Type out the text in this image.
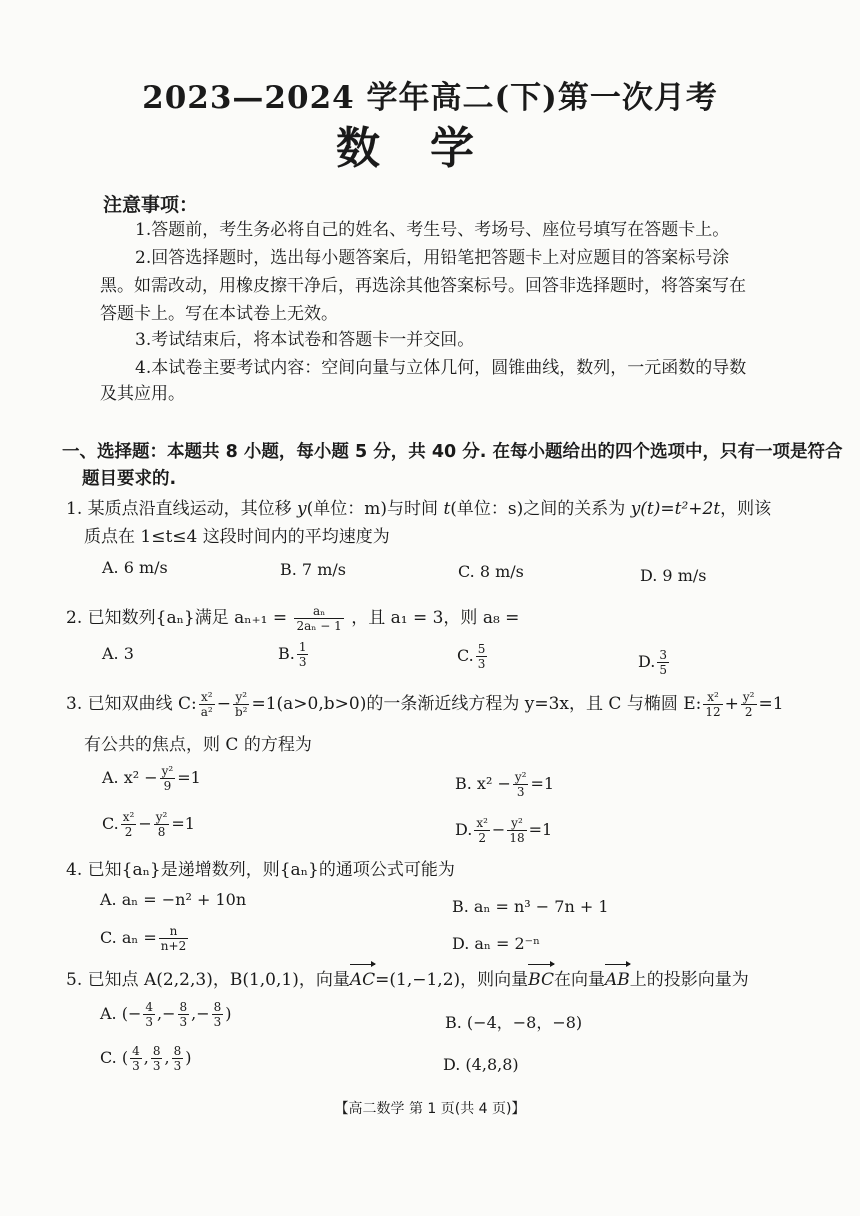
2023—2024 学年高二(下)第一次月考
数学
注意事项：
1.答题前，考生务必将自己的姓名、考生号、考场号、座位号填写在答题卡上。
2.回答选择题时，选出每小题答案后，用铅笔把答题卡上对应题目的答案标号涂
黑。如需改动，用橡皮擦干净后，再选涂其他答案标号。回答非选择题时，将答案写在
答题卡上。写在本试卷上无效。
3.考试结束后，将本试卷和答题卡一并交回。
4.本试卷主要考试内容：空间向量与立体几何，圆锥曲线，数列，一元函数的导数
及其应用。
一、选择题：本题共 8 小题，每小题 5 分，共 40 分. 在每小题给出的四个选项中，只有一项是符合
题目要求的.
1. 某质点沿直线运动，其位移 y(单位：m)与时间 t(单位：s)之间的关系为 y(t)=t²+2t，则该
质点在 1≤t≤4 这段时间内的平均速度为
A. 6 m/s	B. 7 m/s	C. 8 m/s	D. 9 m/s
2. 已知数列{aₙ}满足 $a_{n+1} = \frac{\text{aₙ}}{\text{2aₙ − 1}}$ ，且 a₁ = 3，则 a₈ =
A. 3	B. $\frac{1}{3}$	C. $\frac{5}{3}$	D. $\frac{3}{5}$
3. 已知双曲线 C: $\frac{\text{x²}}{\text{a²}} - \frac{\text{y²}}{\text{b²}} =1(a>0,b>0)$的一条渐近线方程为 y=3x，且 C 与椭圆 E: $\frac{\text{x²}}{12} + \frac{\text{y²}}{2} =1$
有公共的焦点，则 C 的方程为
A. $x^2 - \frac{\text{y²}}{9} =1$	B. $x^2 - \frac{\text{y²}}{3} =1$
C. $\frac{\text{x²}}{2} - \frac{\text{y²}}{8} =1$	D. $\frac{\text{x²}}{2} - \frac{\text{y²}}{18} =1$
4. 已知{aₙ}是递增数列，则{aₙ}的通项公式可能为
A. aₙ = −n² + 10n	B. aₙ = n³ − 7n + 1
C. $a_n = \frac{n}{n+2}$	D. aₙ = 2⁻ⁿ
5. 已知点 A(2,2,3)，B(1,0,1)，向量AC=(1,−1,2)，则向量BC在向量AB上的投影向量为
A. (− $\frac{4}{3}$ ,− $\frac{8}{3}$ ,− $\frac{8}{3}$ )	B. (−4，−8，−8)
C. ( $\frac{4}{3}$ , $\frac{8}{3}$ , $\frac{8}{3}$ )	D. (4,8,8)
【高二数学 第 1 页(共 4 页)】
